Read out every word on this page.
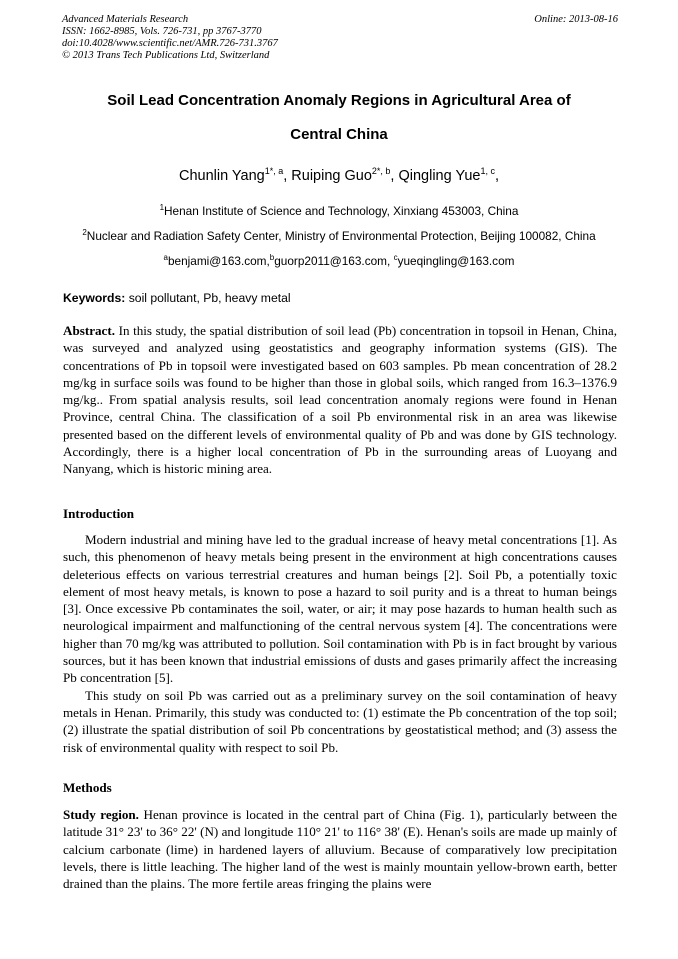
Advanced Materials Research
ISSN: 1662-8985, Vols. 726-731, pp 3767-3770
doi:10.4028/www.scientific.net/AMR.726-731.3767
© 2013 Trans Tech Publications Ltd, Switzerland
Online: 2013-08-16
Soil Lead Concentration Anomaly Regions in Agricultural Area of
Central China
Chunlin Yang$^{1*, a}$, Ruiping Guo$^{2*, b}$, Qingling Yue$^{1, c}$,
$^1$Henan Institute of Science and Technology, Xinxiang 453003, China
$^2$Nuclear and Radiation Safety Center, Ministry of Environmental Protection, Beijing 100082, China
$^a$benjami@163.com,$^b$guorp2011@163.com, $^c$yueqingling@163.com
Keywords: soil pollutant, Pb, heavy metal
Abstract. In this study, the spatial distribution of soil lead (Pb) concentration in topsoil in Henan, China, was surveyed and analyzed using geostatistics and geography information systems (GIS). The concentrations of Pb in topsoil were investigated based on 603 samples. Pb mean concentration of 28.2 mg/kg in surface soils was found to be higher than those in global soils, which ranged from 16.3–1376.9 mg/kg.. From spatial analysis results, soil lead concentration anomaly regions were found in Henan Province, central China. The classification of a soil Pb environmental risk in an area was likewise presented based on the different levels of environmental quality of Pb and was done by GIS technology. Accordingly, there is a higher local concentration of Pb in the surrounding areas of Luoyang and Nanyang, which is historic mining area.
Introduction

Modern industrial and mining have led to the gradual increase of heavy metal concentrations [1]. As such, this phenomenon of heavy metals being present in the environment at high concentrations causes deleterious effects on various terrestrial creatures and human beings [2]. Soil Pb, a potentially toxic element of most heavy metals, is known to pose a hazard to soil purity and is a threat to human beings [3]. Once excessive Pb contaminates the soil, water, or air; it may pose hazards to human health such as neurological impairment and malfunctioning of the central nervous system [4]. The concentrations were higher than 70 mg/kg was attributed to pollution. Soil contamination with Pb is in fact brought by various sources, but it has been known that industrial emissions of dusts and gases primarily affect the increasing Pb concentration [5].

This study on soil Pb was carried out as a preliminary survey on the soil contamination of heavy metals in Henan. Primarily, this study was conducted to: (1) estimate the Pb concentration of the top soil; (2) illustrate the spatial distribution of soil Pb concentrations by geostatistical method; and (3) assess the risk of environmental quality with respect to soil Pb.

Methods
Study region. Henan province is located in the central part of China (Fig. 1), particularly between the latitude 31° 23' to 36° 22' (N) and longitude 110° 21' to 116° 38' (E). Henan's soils are made up mainly of calcium carbonate (lime) in hardened layers of alluvium. Because of comparatively low precipitation levels, there is little leaching. The higher land of the west is mainly mountain yellow-brown earth, better drained than the plains. The more fertile areas fringing the plains were
